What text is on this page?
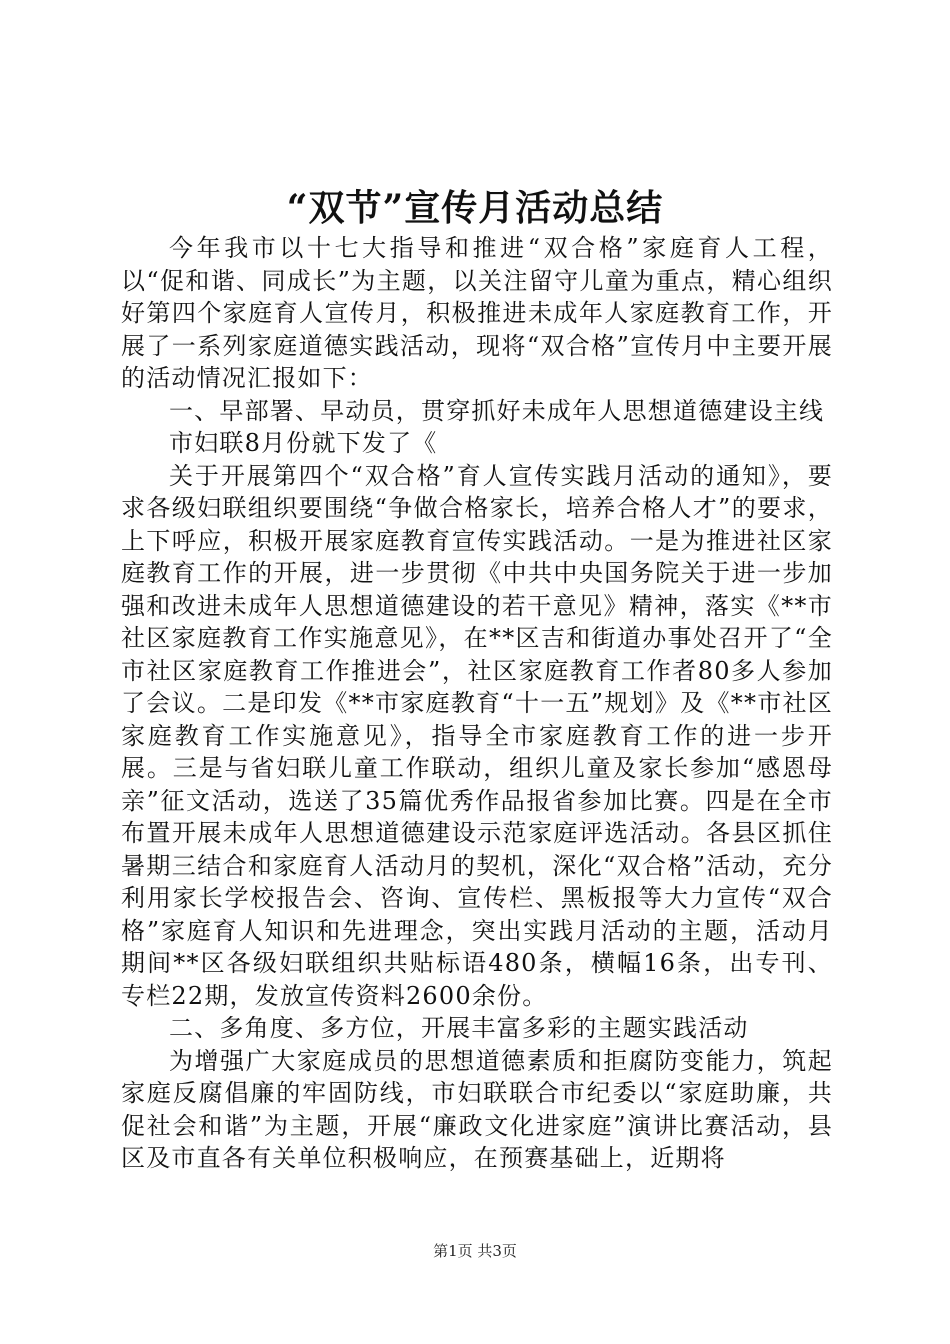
“双节”宣传月活动总结

今年我市以十七大指导和推进“双合格”家庭育人工程，以“促和谐、同成长”为主题，以关注留守儿童为重点，精心组织好第四个家庭育人宣传月，积极推进未成年人家庭教育工作，开展了一系列家庭道德实践活动，现将“双合格”宣传月中主要开展的活动情况汇报如下：

一、早部署、早动员，贯穿抓好未成年人思想道德建设主线

市妇联8月份就下发了《

关于开展第四个“双合格”育人宣传实践月活动的通知》，要求各级妇联组织要围绕“争做合格家长，培养合格人才”的要求，上下呼应，积极开展家庭教育宣传实践活动。一是为推进社区家庭教育工作的开展，进一步贯彻《中共中央国务院关于进一步加强和改进未成年人思想道德建设的若干意见》精神，落实《**市社区家庭教育工作实施意见》，在**区吉和街道办事处召开了“全市社区家庭教育工作推进会”，社区家庭教育工作者80多人参加了会议。二是印发《**市家庭教育“十一五”规划》及《**市社区家庭教育工作实施意见》，指导全市家庭教育工作的进一步开展。三是与省妇联儿童工作联动，组织儿童及家长参加“感恩母亲”征文活动，选送了35篇优秀作品报省参加比赛。四是在全市布置开展未成年人思想道德建设示范家庭评选活动。各县区抓住暑期三结合和家庭育人活动月的契机，深化“双合格”活动，充分利用家长学校报告会、咨询、宣传栏、黑板报等大力宣传“双合格”家庭育人知识和先进理念，突出实践月活动的主题，活动月期间**区各级妇联组织共贴标语480条，横幅16条，出专刊、专栏22期，发放宣传资料2600余份。

二、多角度、多方位，开展丰富多彩的主题实践活动

为增强广大家庭成员的思想道德素质和拒腐防变能力，筑起家庭反腐倡廉的牢固防线，市妇联联合市纪委以“家庭助廉，共促社会和谐”为主题，开展“廉政文化进家庭”演讲比赛活动，县区及市直各有关单位积极响应，在预赛基础上，近期将

第1页 共3页
